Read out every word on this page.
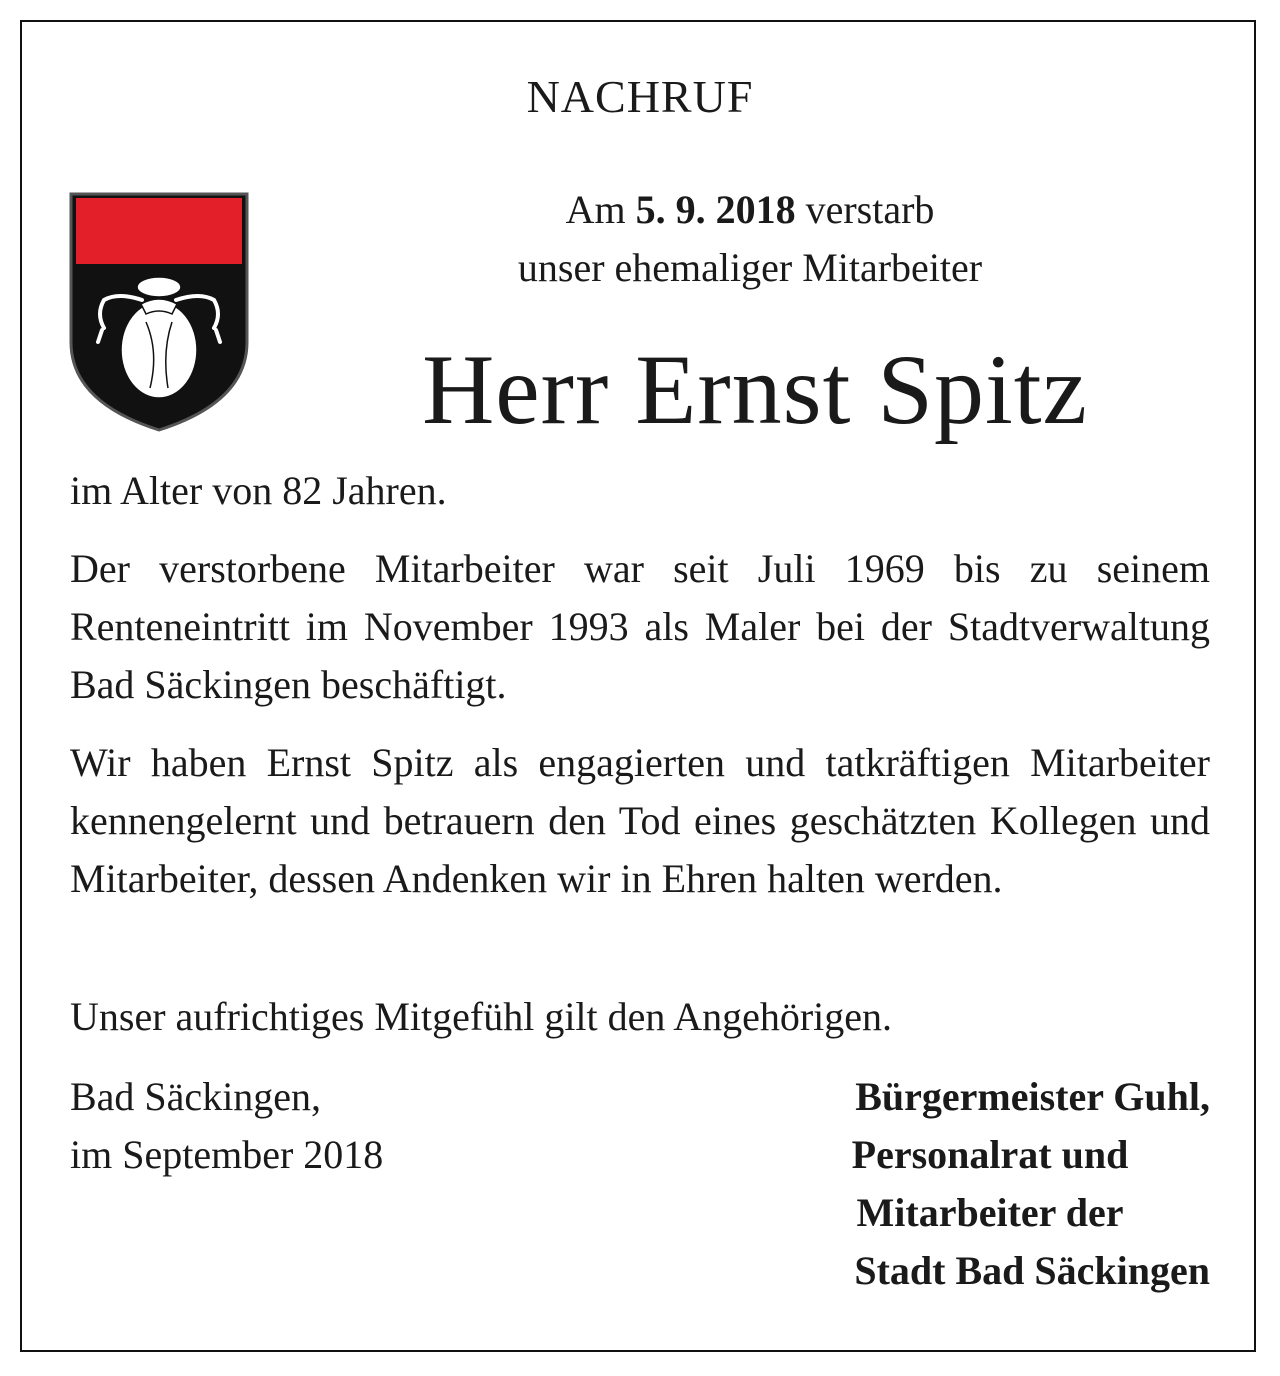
NACHRUF
Am 5. 9. 2018 verstarb
unser ehemaliger Mitarbeiter
Herr Ernst Spitz
im Alter von 82 Jahren.
Der verstorbene Mitarbeiter war seit Juli 1969 bis zu seinem Renteneintritt im November 1993 als Maler bei der Stadtverwaltung Bad Säckingen beschäftigt.
Wir haben Ernst Spitz als engagierten und tatkräftigen Mitarbeiter kennengelernt und betrauern den Tod eines geschätzten Kollegen und Mitarbeiter, dessen Andenken wir in Ehren halten werden.
Unser aufrichtiges Mitgefühl gilt den Angehörigen.
Bad Säckingen,
im September 2018
Bürgermeister Guhl,
Personalrat und
Mitarbeiter der
Stadt Bad Säckingen
